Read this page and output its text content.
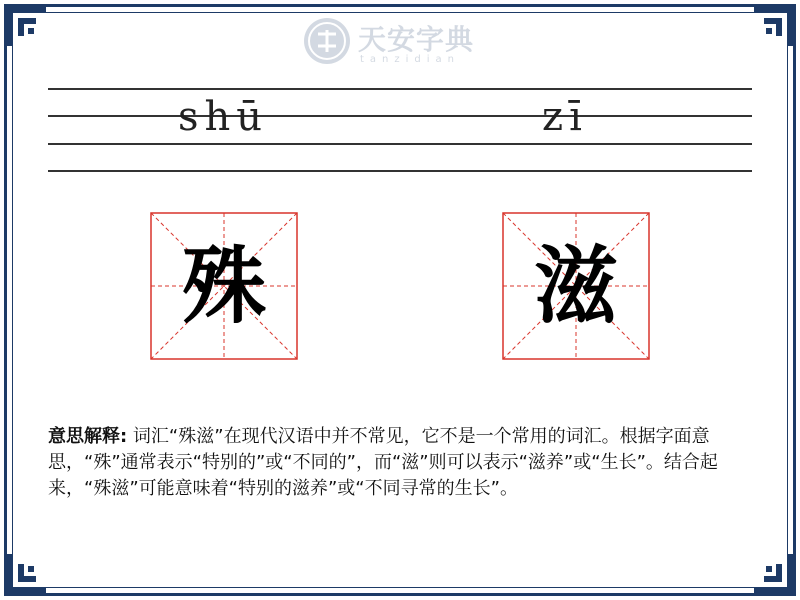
天安字典
tanzidian
shū	zī
殊	滋
意思解释: 词汇“殊滋”在现代汉语中并不常见，它不是一个常用的词汇。根据字面意思，“殊”通常表示“特别的”或“不同的”，而“滋”则可以表示“滋养”或“生长”。结合起来，“殊滋”可能意味着“特别的滋养”或“不同寻常的生长”。
